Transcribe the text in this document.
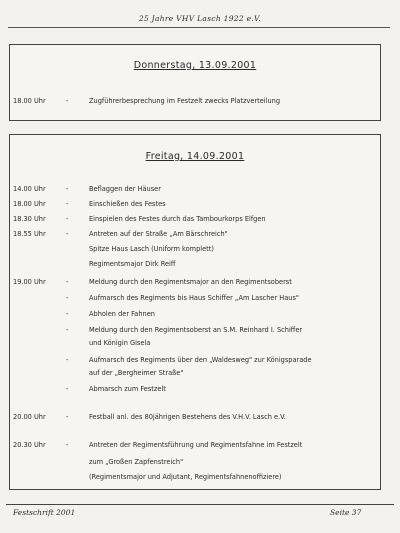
25 Jahre VHV Lasch 1922 e.V.
Donnerstag, 13.09.2001
18.00 Uhr	-	Zugführerbesprechung im Festzelt zwecks Platzverteilung
Freitag, 14.09.2001
14.00 Uhr	-	Beflaggen der Häuser
18.00 Uhr	-	Einschießen des Festes
18.30 Uhr	-	Einspielen des Festes durch das Tambourkorps Elfgen
18.55 Uhr	-	Antreten auf der Straße „Am Bärschreich"
Spitze Haus Lasch (Uniform komplett)
Regimentsmajor Dirk Reiff
19.00 Uhr	-	Meldung durch den Regimentsmajor an den Regimentsoberst
-	Aufmarsch des Regiments bis Haus Schiffer „Am Lascher Haus"
-	Abholen der Fahnen
-	Meldung durch den Regimentsoberst an S.M. Reinhard I. Schiffer
und Königin Gisela
-	Aufmarsch des Regiments über den „Waldesweg" zur Königsparade
auf der „Bergheimer Straße"
-	Abmarsch zum Festzelt
20.00 Uhr	-	Festball anl. des 80jährigen Bestehens des V.H.V. Lasch e.V.
20.30 Uhr	-	Antreten der Regimentsführung und Regimentsfahne im Festzelt
zum „Großen Zapfenstreich"
(Regimentsmajor und Adjutant, Regimentsfahnenoffiziere)
Festschrift 2001	Seite 37
